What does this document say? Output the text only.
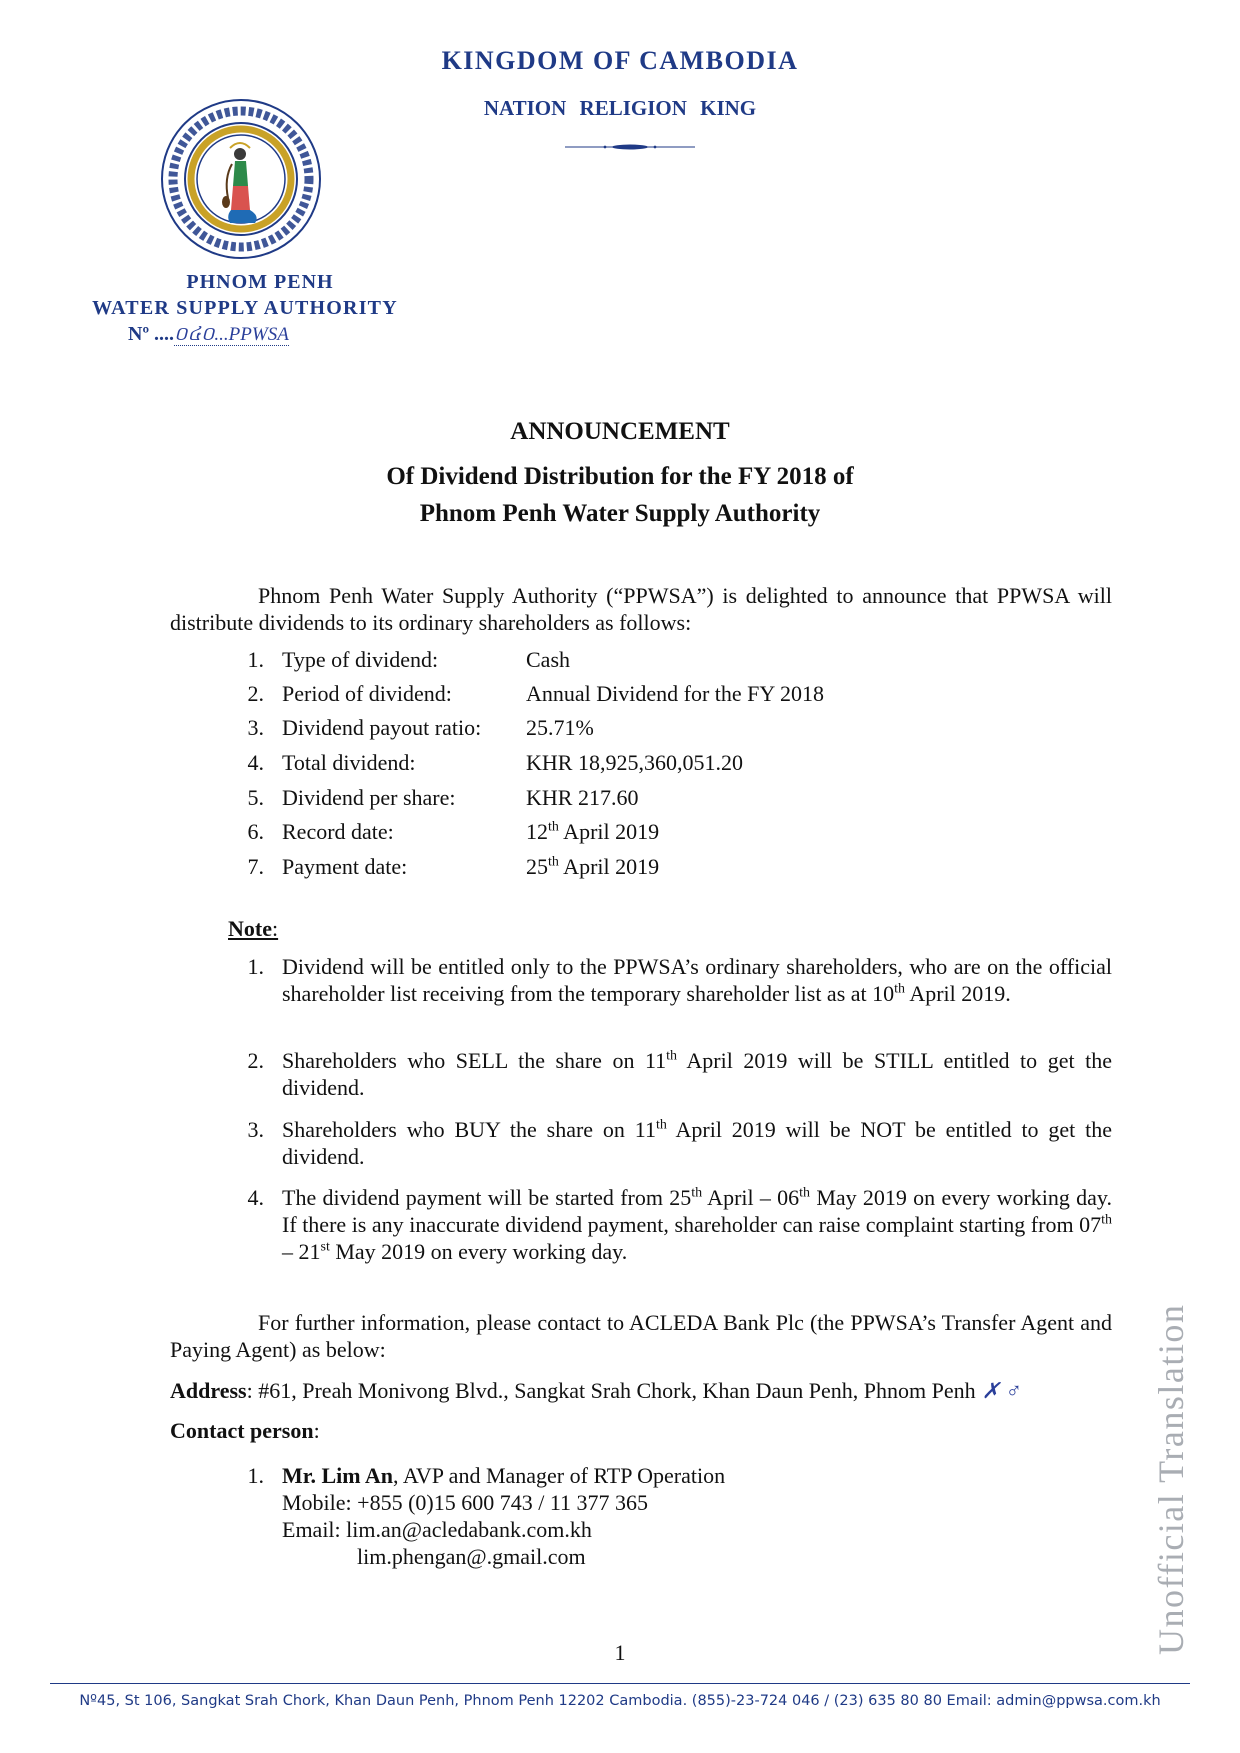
KINGDOM OF CAMBODIA
NATION RELIGION KING
PHNOM PENH
WATER SUPPLY AUTHORITY
Nº ....០៤០...PPWSA
ANNOUNCEMENT
Of Dividend Distribution for the FY 2018 of
Phnom Penh Water Supply Authority
Phnom Penh Water Supply Authority (“PPWSA”) is delighted to announce that PPWSA will distribute dividends to its ordinary shareholders as follows:
1. Type of dividend:	Cash
2. Period of dividend:	Annual Dividend for the FY 2018
3. Dividend payout ratio: 25.71%
4. Total dividend:	KHR 18,925,360,051.20
5. Dividend per share:	KHR 217.60
6. Record date:	12th April 2019
7. Payment date:	25th April 2019
Note:
1. Dividend will be entitled only to the PPWSA’s ordinary shareholders, who are on the official shareholder list receiving from the temporary shareholder list as at 10th April 2019.
2. Shareholders who SELL the share on 11th April 2019 will be STILL entitled to get the dividend.
3. Shareholders who BUY the share on 11th April 2019 will be NOT be entitled to get the dividend.
4. The dividend payment will be started from 25th April – 06th May 2019 on every working day. If there is any inaccurate dividend payment, shareholder can raise complaint starting from 07th – 21st May 2019 on every working day.
For further information, please contact to ACLEDA Bank Plc (the PPWSA’s Transfer Agent and Paying Agent) as below:
Address: #61, Preah Monivong Blvd., Sangkat Srah Chork, Khan Daun Penh, Phnom Penh ✗ ♂
Contact person:
1. Mr. Lim An, AVP and Manager of RTP Operation
Mobile: +855 (0)15 600 743 / 11 377 365
Email: lim.an@acledabank.com.kh
lim.phengan@.gmail.com
1	Unofficial Translation
Nº45, St 106, Sangkat Srah Chork, Khan Daun Penh, Phnom Penh 12202 Cambodia. (855)-23-724 046 / (23) 635 80 80 Email: admin@ppwsa.com.kh
